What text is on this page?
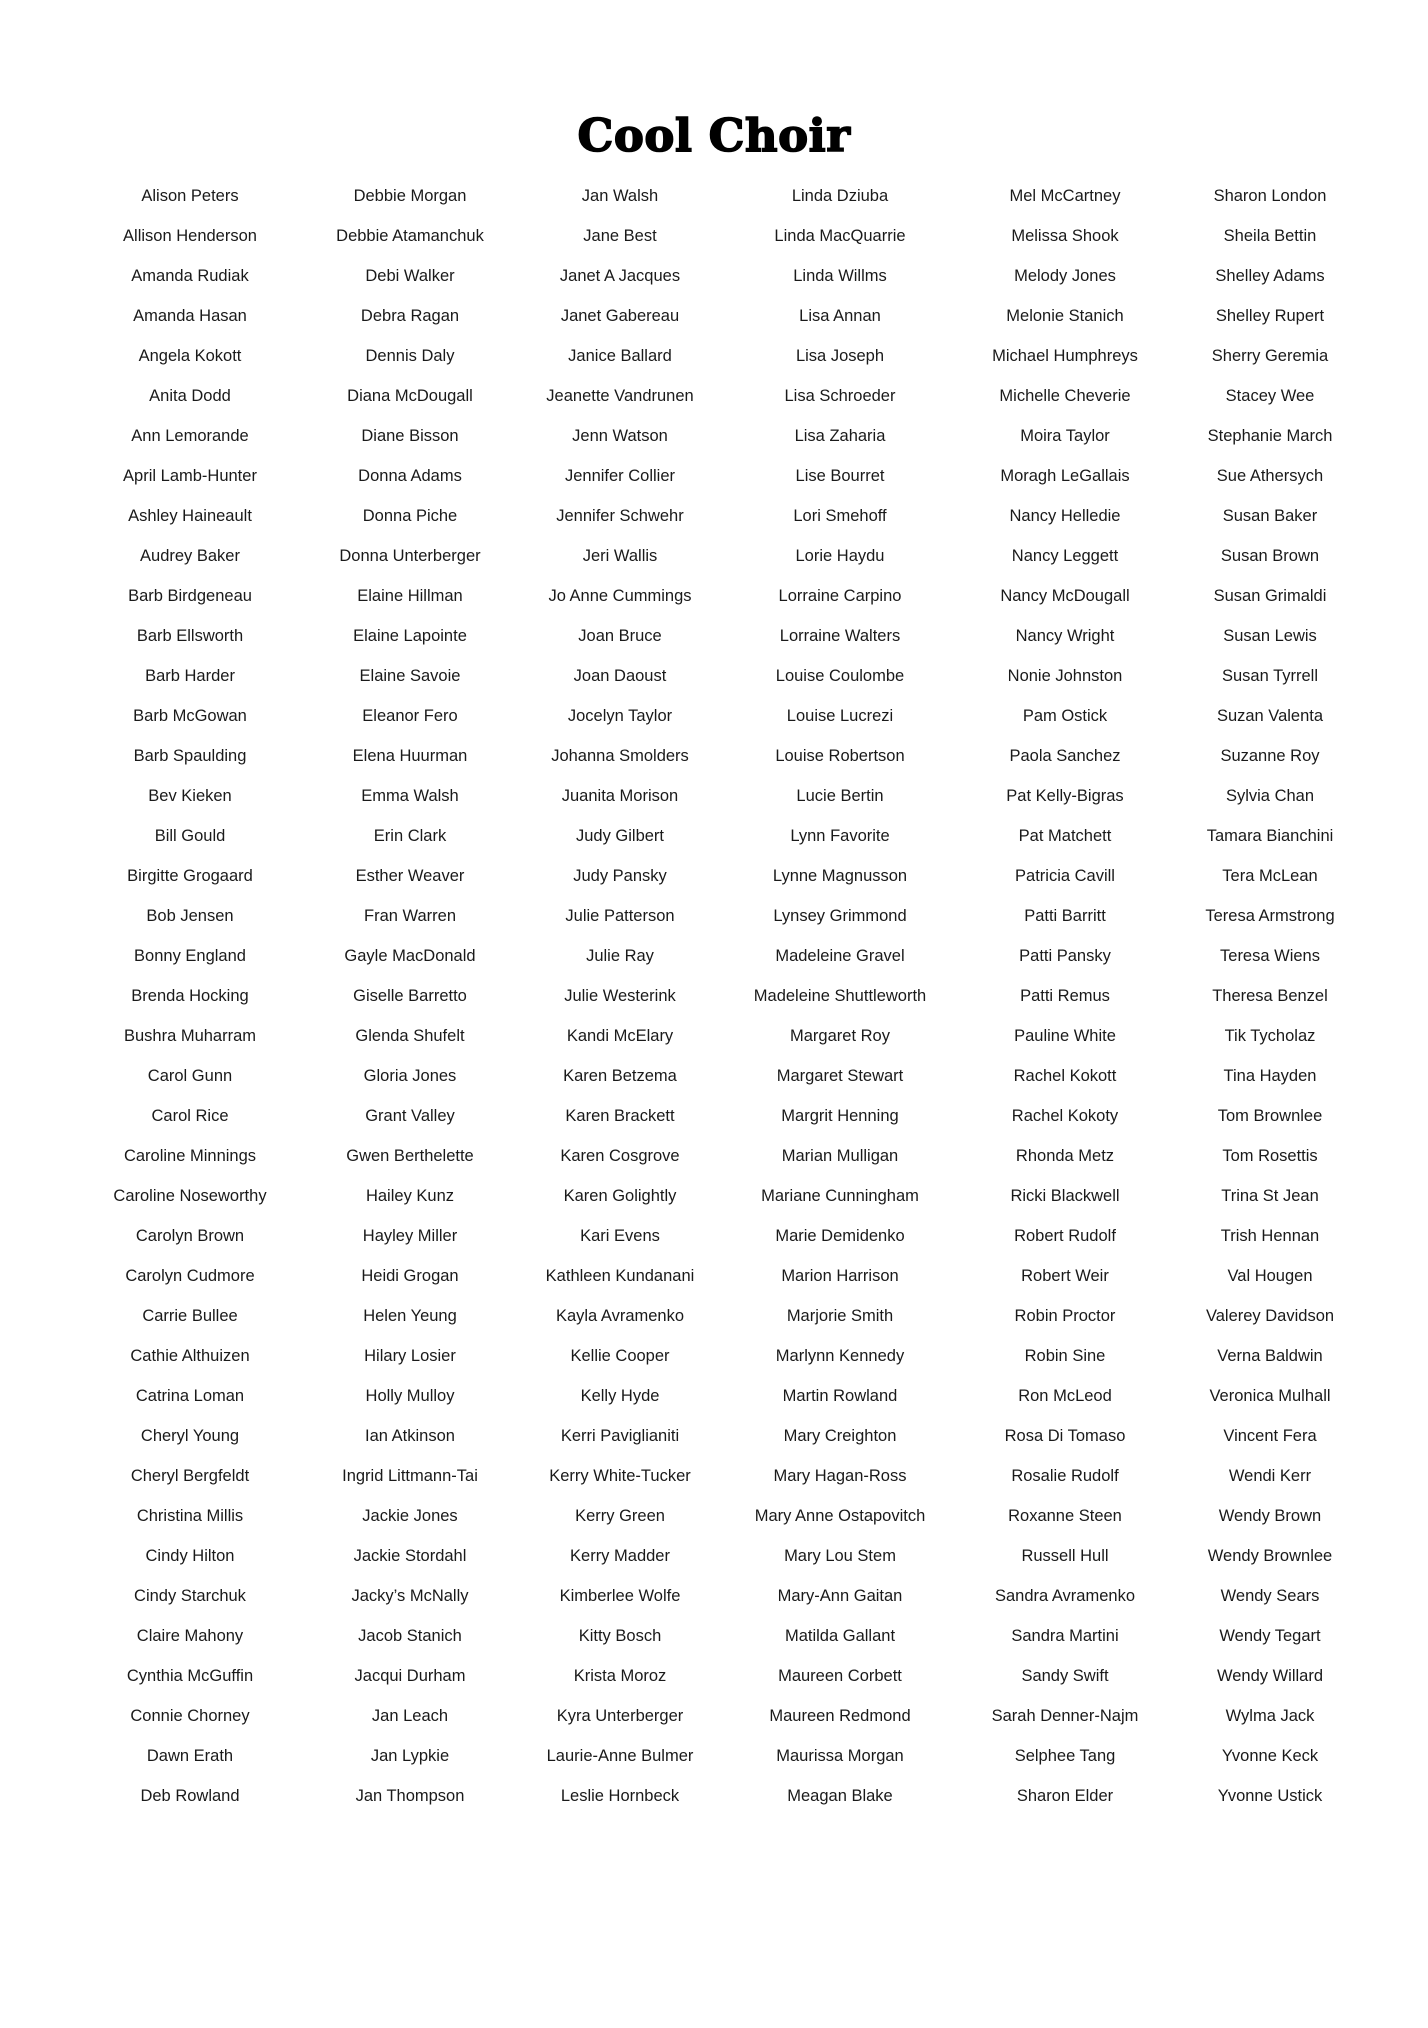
Cool Choir
Alison Peters
Allison Henderson
Amanda Rudiak
Amanda Hasan
Angela Kokott
Anita Dodd
Ann Lemorande
April Lamb-Hunter
Ashley Haineault
Audrey Baker
Barb Birdgeneau
Barb Ellsworth
Barb Harder
Barb McGowan
Barb Spaulding
Bev Kieken
Bill Gould
Birgitte Grogaard
Bob Jensen
Bonny England
Brenda Hocking
Bushra Muharram
Carol Gunn
Carol Rice
Caroline Minnings
Caroline Noseworthy
Carolyn Brown
Carolyn Cudmore
Carrie Bullee
Cathie Althuizen
Catrina Loman
Cheryl Young
Cheryl Bergfeldt
Christina Millis
Cindy Hilton
Cindy Starchuk
Claire Mahony
Cynthia McGuffin
Connie Chorney
Dawn Erath
Deb Rowland
Debbie Morgan
Debbie Atamanchuk
Debi Walker
Debra Ragan
Dennis Daly
Diana McDougall
Diane Bisson
Donna Adams
Donna Piche
Donna Unterberger
Elaine Hillman
Elaine Lapointe
Elaine Savoie
Eleanor Fero
Elena Huurman
Emma Walsh
Erin Clark
Esther Weaver
Fran Warren
Gayle MacDonald
Giselle Barretto
Glenda Shufelt
Gloria Jones
Grant Valley
Gwen Berthelette
Hailey Kunz
Hayley Miller
Heidi Grogan
Helen Yeung
Hilary Losier
Holly Mulloy
Ian Atkinson
Ingrid Littmann-Tai
Jackie Jones
Jackie Stordahl
Jacky’s McNally
Jacob Stanich
Jacqui Durham
Jan Leach
Jan Lypkie
Jan Thompson
Jan Walsh
Jane Best
Janet A Jacques
Janet Gabereau
Janice Ballard
Jeanette Vandrunen
Jenn Watson
Jennifer Collier
Jennifer Schwehr
Jeri Wallis
Jo Anne Cummings
Joan Bruce
Joan Daoust
Jocelyn Taylor
Johanna Smolders
Juanita Morison
Judy Gilbert
Judy Pansky
Julie Patterson
Julie Ray
Julie Westerink
Kandi McElary
Karen Betzema
Karen Brackett
Karen Cosgrove
Karen Golightly
Kari Evens
Kathleen Kundanani
Kayla Avramenko
Kellie Cooper
Kelly Hyde
Kerri Paviglianiti
Kerry White-Tucker
Kerry Green
Kerry Madder
Kimberlee Wolfe
Kitty Bosch
Krista Moroz
Kyra Unterberger
Laurie-Anne Bulmer
Leslie Hornbeck
Linda Dziuba
Linda MacQuarrie
Linda Willms
Lisa Annan
Lisa Joseph
Lisa Schroeder
Lisa Zaharia
Lise Bourret
Lori Smehoff
Lorie Haydu
Lorraine Carpino
Lorraine Walters
Louise Coulombe
Louise Lucrezi
Louise Robertson
Lucie Bertin
Lynn Favorite
Lynne Magnusson
Lynsey Grimmond
Madeleine Gravel
Madeleine Shuttleworth
Margaret Roy
Margaret Stewart
Margrit Henning
Marian Mulligan
Mariane Cunningham
Marie Demidenko
Marion Harrison
Marjorie Smith
Marlynn Kennedy
Martin Rowland
Mary Creighton
Mary Hagan-Ross
Mary Anne Ostapovitch
Mary Lou Stem
Mary-Ann Gaitan
Matilda Gallant
Maureen Corbett
Maureen Redmond
Maurissa Morgan
Meagan Blake
Mel McCartney
Melissa Shook
Melody Jones
Melonie Stanich
Michael Humphreys
Michelle Cheverie
Moira Taylor
Moragh LeGallais
Nancy Helledie
Nancy Leggett
Nancy McDougall
Nancy Wright
Nonie Johnston
Pam Ostick
Paola Sanchez
Pat Kelly-Bigras
Pat Matchett
Patricia Cavill
Patti Barritt
Patti Pansky
Patti Remus
Pauline White
Rachel Kokott
Rachel Kokoty
Rhonda Metz
Ricki Blackwell
Robert Rudolf
Robert Weir
Robin Proctor
Robin Sine
Ron McLeod
Rosa Di Tomaso
Rosalie Rudolf
Roxanne Steen
Russell Hull
Sandra Avramenko
Sandra Martini
Sandy Swift
Sarah Denner-Najm
Selphee Tang
Sharon Elder
Sharon London
Sheila Bettin
Shelley Adams
Shelley Rupert
Sherry Geremia
Stacey Wee
Stephanie March
Sue Athersych
Susan Baker
Susan Brown
Susan Grimaldi
Susan Lewis
Susan Tyrrell
Suzan Valenta
Suzanne Roy
Sylvia Chan
Tamara Bianchini
Tera McLean
Teresa Armstrong
Teresa Wiens
Theresa Benzel
Tik Tycholaz
Tina Hayden
Tom Brownlee
Tom Rosettis
Trina St Jean
Trish Hennan
Val Hougen
Valerey Davidson
Verna Baldwin
Veronica Mulhall
Vincent Fera
Wendi Kerr
Wendy Brown
Wendy Brownlee
Wendy Sears
Wendy Tegart
Wendy Willard
Wylma Jack
Yvonne Keck
Yvonne Ustick
